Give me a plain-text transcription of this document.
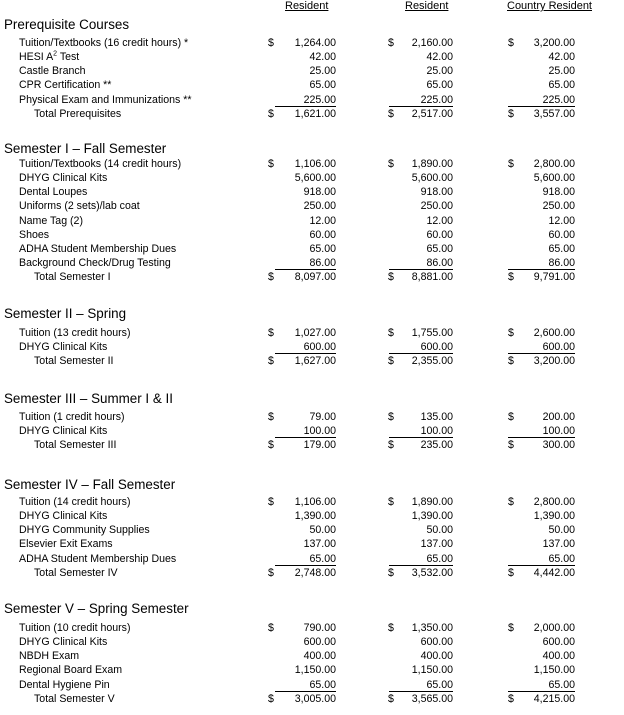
Resident	Resident	Country Resident
Prerequisite Courses
Tuition/Textbooks (16 credit hours) *	$ 1,264.00	$ 2,160.00	$ 3,200.00
HESI $A^2$ Test	42.00	42.00	42.00
Castle Branch	25.00	25.00	25.00
CPR Certification **	65.00	65.00	65.00
Physical Exam and Immunizations **	225.00	225.00	225.00
Total Prerequisites	$ 1,621.00	$ 2,517.00	$ 3,557.00
Semester I – Fall Semester
Tuition/Textbooks (14 credit hours)	$ 1,106.00	$ 1,890.00	$ 2,800.00
DHYG Clinical Kits	5,600.00	5,600.00	5,600.00
Dental Loupes	918.00	918.00	918.00
Uniforms (2 sets)/lab coat	250.00	250.00	250.00
Name Tag (2)	12.00	12.00	12.00
Shoes	60.00	60.00	60.00
ADHA Student Membership Dues	65.00	65.00	65.00
Background Check/Drug Testing	86.00	86.00	86.00
Total Semester I	$ 8,097.00	$ 8,881.00	$ 9,791.00
Semester II – Spring
Tuition (13 credit hours)	$ 1,027.00	$ 1,755.00	$ 2,600.00
DHYG Clinical Kits	600.00	600.00	600.00
Total Semester II	$ 1,627.00	$ 2,355.00	$ 3,200.00
Semester III – Summer I & II
Tuition (1 credit hours)	$	79.00	$	135.00	$	200.00
DHYG Clinical Kits	100.00	100.00	100.00
Total Semester III	$	179.00	$	235.00	$	300.00
Semester IV – Fall Semester
Tuition (14 credit hours)	$ 1,106.00	$ 1,890.00	$ 2,800.00
DHYG Clinical Kits	1,390.00	1,390.00	1,390.00
DHYG Community Supplies	50.00	50.00	50.00
Elsevier Exit Exams	137.00	137.00	137.00
ADHA Student Membership Dues	65.00	65.00	65.00
Total Semester IV	$ 2,748.00	$ 3,532.00	$ 4,442.00
Semester V – Spring Semester
Tuition (10 credit hours)	$	790.00	$ 1,350.00	$ 2,000.00
DHYG Clinical Kits	600.00	600.00	600.00
NBDH Exam	400.00	400.00	400.00
Regional Board Exam	1,150.00	1,150.00	1,150.00
Dental Hygiene Pin	65.00	65.00	65.00
Total Semester V	$ 3,005.00	$ 3,565.00	$ 4,215.00
